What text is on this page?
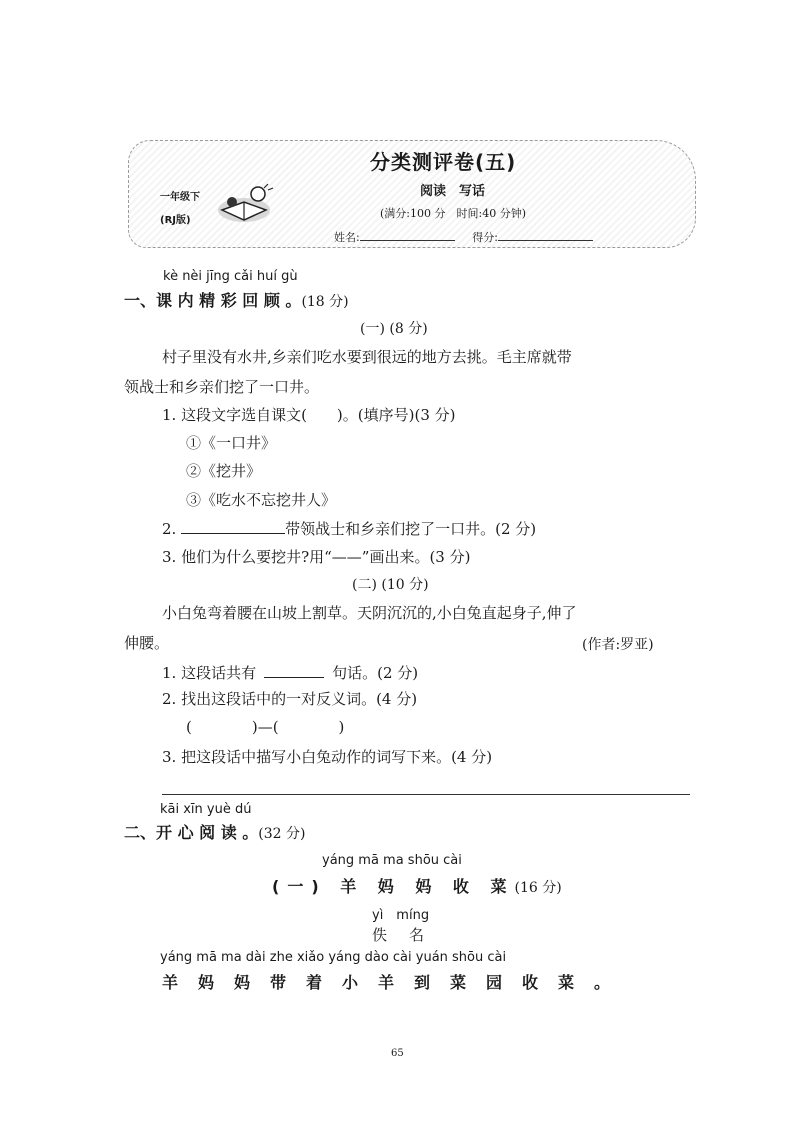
一年级下
(RJ版)
分类测评卷(五)
阅读　写话
(满分:100 分　时间:40 分钟)
姓名:	得分:
kè nèi jīng cǎi huí gù
一、课 内 精 彩 回 顾 。(18 分)
(一) (8 分)
村子里没有水井,乡亲们吃水要到很远的地方去挑。毛主席就带
领战士和乡亲们挖了一口井。
1. 这段文字选自课文(　　)。(填序号)(3 分)
①《一口井》
②《挖井》
③《吃水不忘挖井人》
2.	带领战士和乡亲们挖了一口井。(2 分)
3. 他们为什么要挖井?用“——”画出来。(3 分)
(二) (10 分)
小白兔弯着腰在山坡上割草。天阴沉沉的,小白兔直起身子,伸了
伸腰。	(作者:罗亚)
1. 这段话共有	句话。(2 分)
2. 找出这段话中的一对反义词。(4 分)
(　　　　)—(　　　　)
3. 把这段话中描写小白兔动作的词写下来。(4 分)
kāi xīn yuè dú
二、开 心 阅 读 。(32 分)
yáng mā ma shōu cài
(一) 羊 妈 妈 收 菜(16 分)
yì　míng
佚名
yáng mā ma dài zhe xiǎo yáng dào cài yuán shōu cài
羊妈妈带着小羊到菜园收菜。
65
